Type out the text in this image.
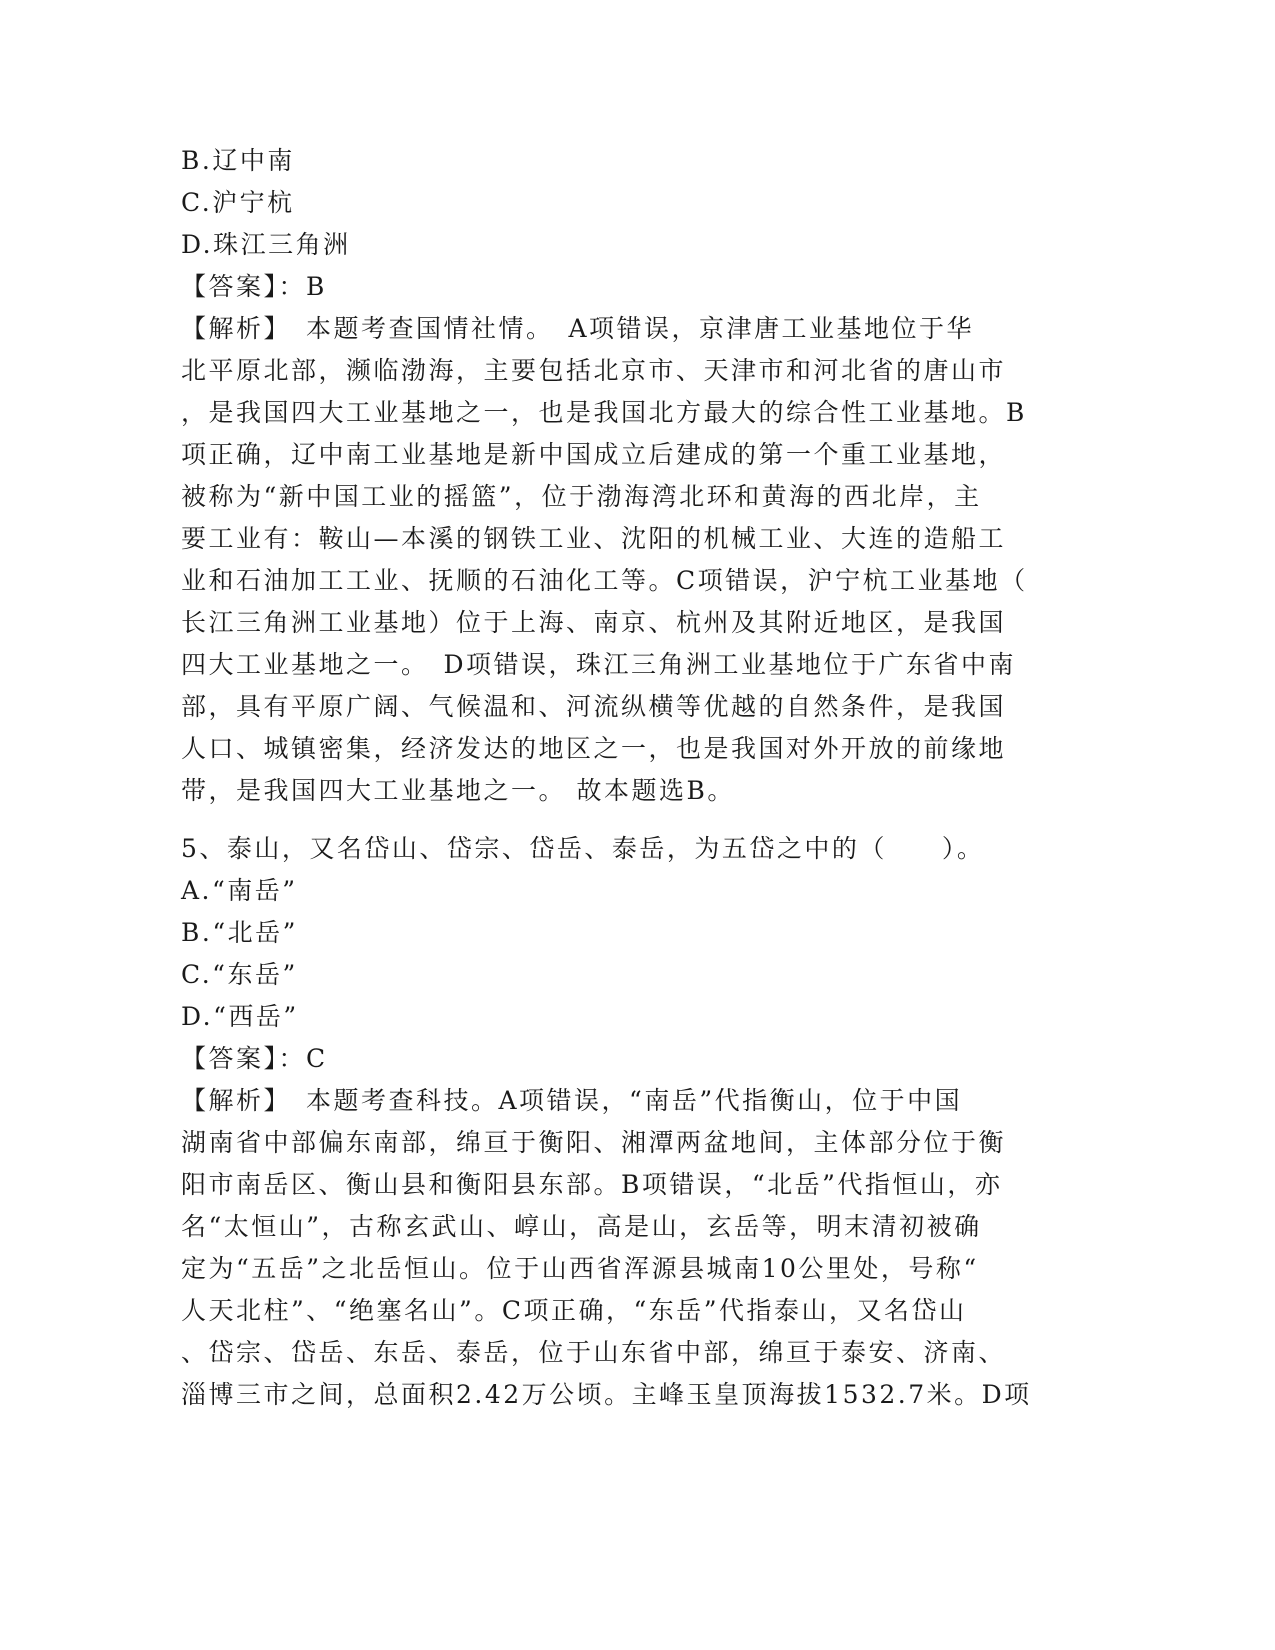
B.辽中南
C.沪宁杭
D.珠江三角洲
【答案】：B
【解析】　本题考查国情社情。　A项错误，京津唐工业基地位于华
北平原北部，濒临渤海，主要包括北京市、天津市和河北省的唐山市
，是我国四大工业基地之一，也是我国北方最大的综合性工业基地。B
项正确，辽中南工业基地是新中国成立后建成的第一个重工业基地，
被称为“新中国工业的摇篮”，位于渤海湾北环和黄海的西北岸，主
要工业有：鞍山—本溪的钢铁工业、沈阳的机械工业、大连的造船工
业和石油加工工业、抚顺的石油化工等。C项错误，沪宁杭工业基地（
长江三角洲工业基地）位于上海、南京、杭州及其附近地区，是我国
四大工业基地之一。　D项错误，珠江三角洲工业基地位于广东省中南
部，具有平原广阔、气候温和、河流纵横等优越的自然条件，是我国
人口、城镇密集，经济发达的地区之一，也是我国对外开放的前缘地
带，是我国四大工业基地之一。 故本题选B。
5、泰山，又名岱山、岱宗、岱岳、泰岳，为五岱之中的（　　）。
A.“南岳”
B.“北岳”
C.“东岳”
D.“西岳”
【答案】：C
【解析】　本题考查科技。A项错误，“南岳”代指衡山，位于中国
湖南省中部偏东南部，绵亘于衡阳、湘潭两盆地间，主体部分位于衡
阳市南岳区、衡山县和衡阳县东部。B项错误，“北岳”代指恒山，亦
名“太恒山”，古称玄武山、崞山，高是山，玄岳等，明末清初被确
定为“五岳”之北岳恒山。位于山西省浑源县城南10公里处，号称“
人天北柱”、“绝塞名山”。C项正确，“东岳”代指泰山，又名岱山
、岱宗、岱岳、东岳、泰岳，位于山东省中部，绵亘于泰安、济南、
淄博三市之间，总面积2.42万公顷。主峰玉皇顶海拔1532.7米。D项
